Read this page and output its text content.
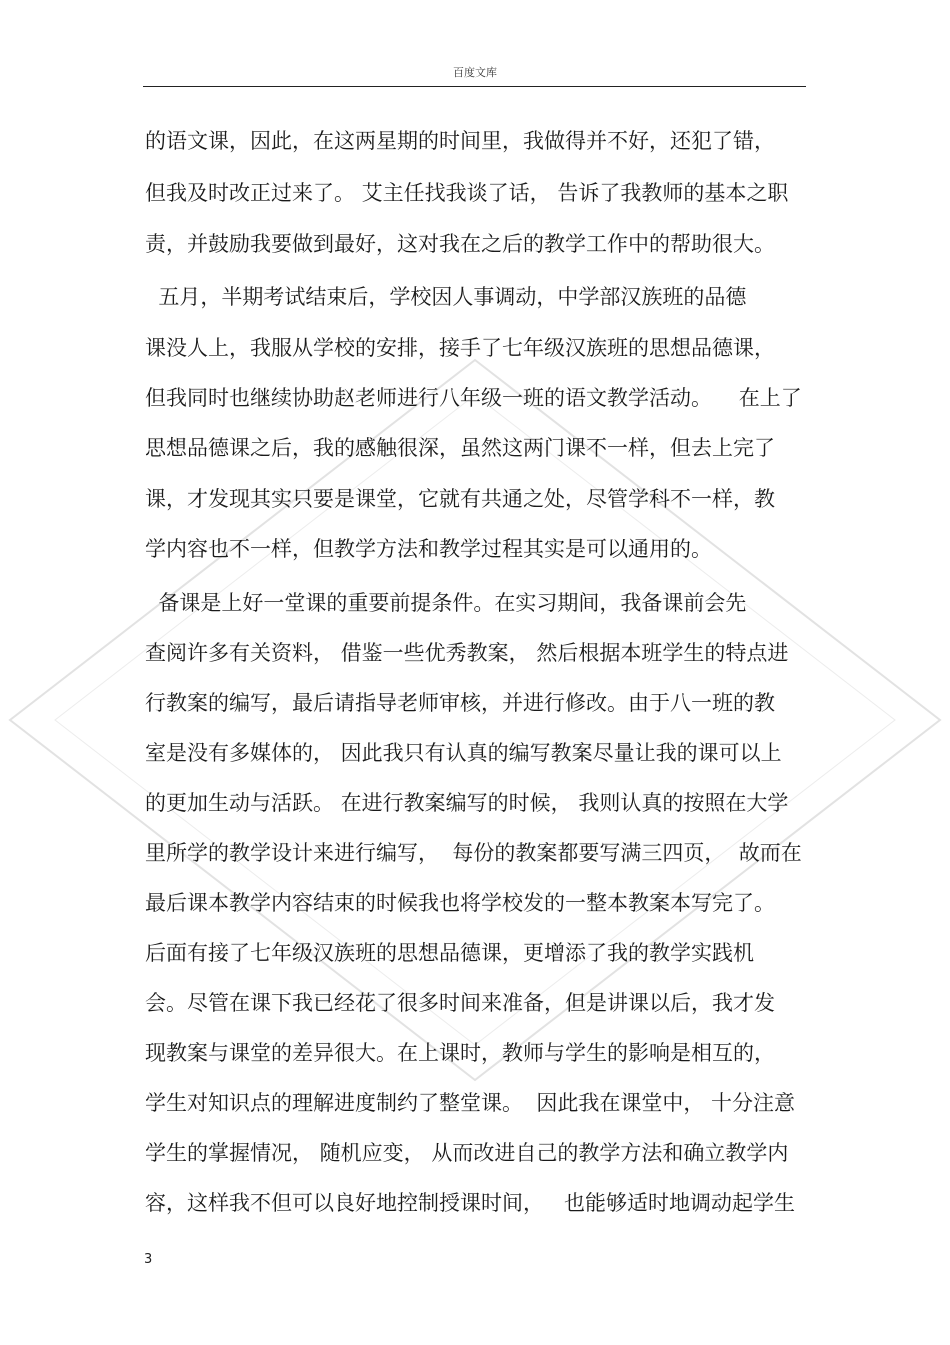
百度文库
的语文课，因此，在这两星期的时间里，我做得并不好，还犯了错，
但我及时改正过来了。 艾主任找我谈了话， 告诉了我教师的基本之职
责，并鼓励我要做到最好，这对我在之后的教学工作中的帮助很大。
五月，半期考试结束后，学校因人事调动，中学部汉族班的品德
课没人上，我服从学校的安排，接手了七年级汉族班的思想品德课，
但我同时也继续协助赵老师进行八年级一班的语文教学活动。    在上了
思想品德课之后，我的感触很深，虽然这两门课不一样，但去上完了
课，才发现其实只要是课堂，它就有共通之处，尽管学科不一样，教
学内容也不一样，但教学方法和教学过程其实是可以通用的。
备课是上好一堂课的重要前提条件。在实习期间，我备课前会先
查阅许多有关资料， 借鉴一些优秀教案， 然后根据本班学生的特点进
行教案的编写，最后请指导老师审核，并进行修改。由于八一班的教
室是没有多媒体的， 因此我只有认真的编写教案尽量让我的课可以上
的更加生动与活跃。 在进行教案编写的时候， 我则认真的按照在大学
里所学的教学设计来进行编写，  每份的教案都要写满三四页，  故而在
最后课本教学内容结束的时候我也将学校发的一整本教案本写完了。
后面有接了七年级汉族班的思想品德课，更增添了我的教学实践机
会。尽管在课下我已经花了很多时间来准备，但是讲课以后，我才发
现教案与课堂的差异很大。在上课时，教师与学生的影响是相互的，
学生对知识点的理解进度制约了整堂课。  因此我在课堂中， 十分注意
学生的掌握情况， 随机应变， 从而改进自己的教学方法和确立教学内
容，这样我不但可以良好地控制授课时间，   也能够适时地调动起学生
3
